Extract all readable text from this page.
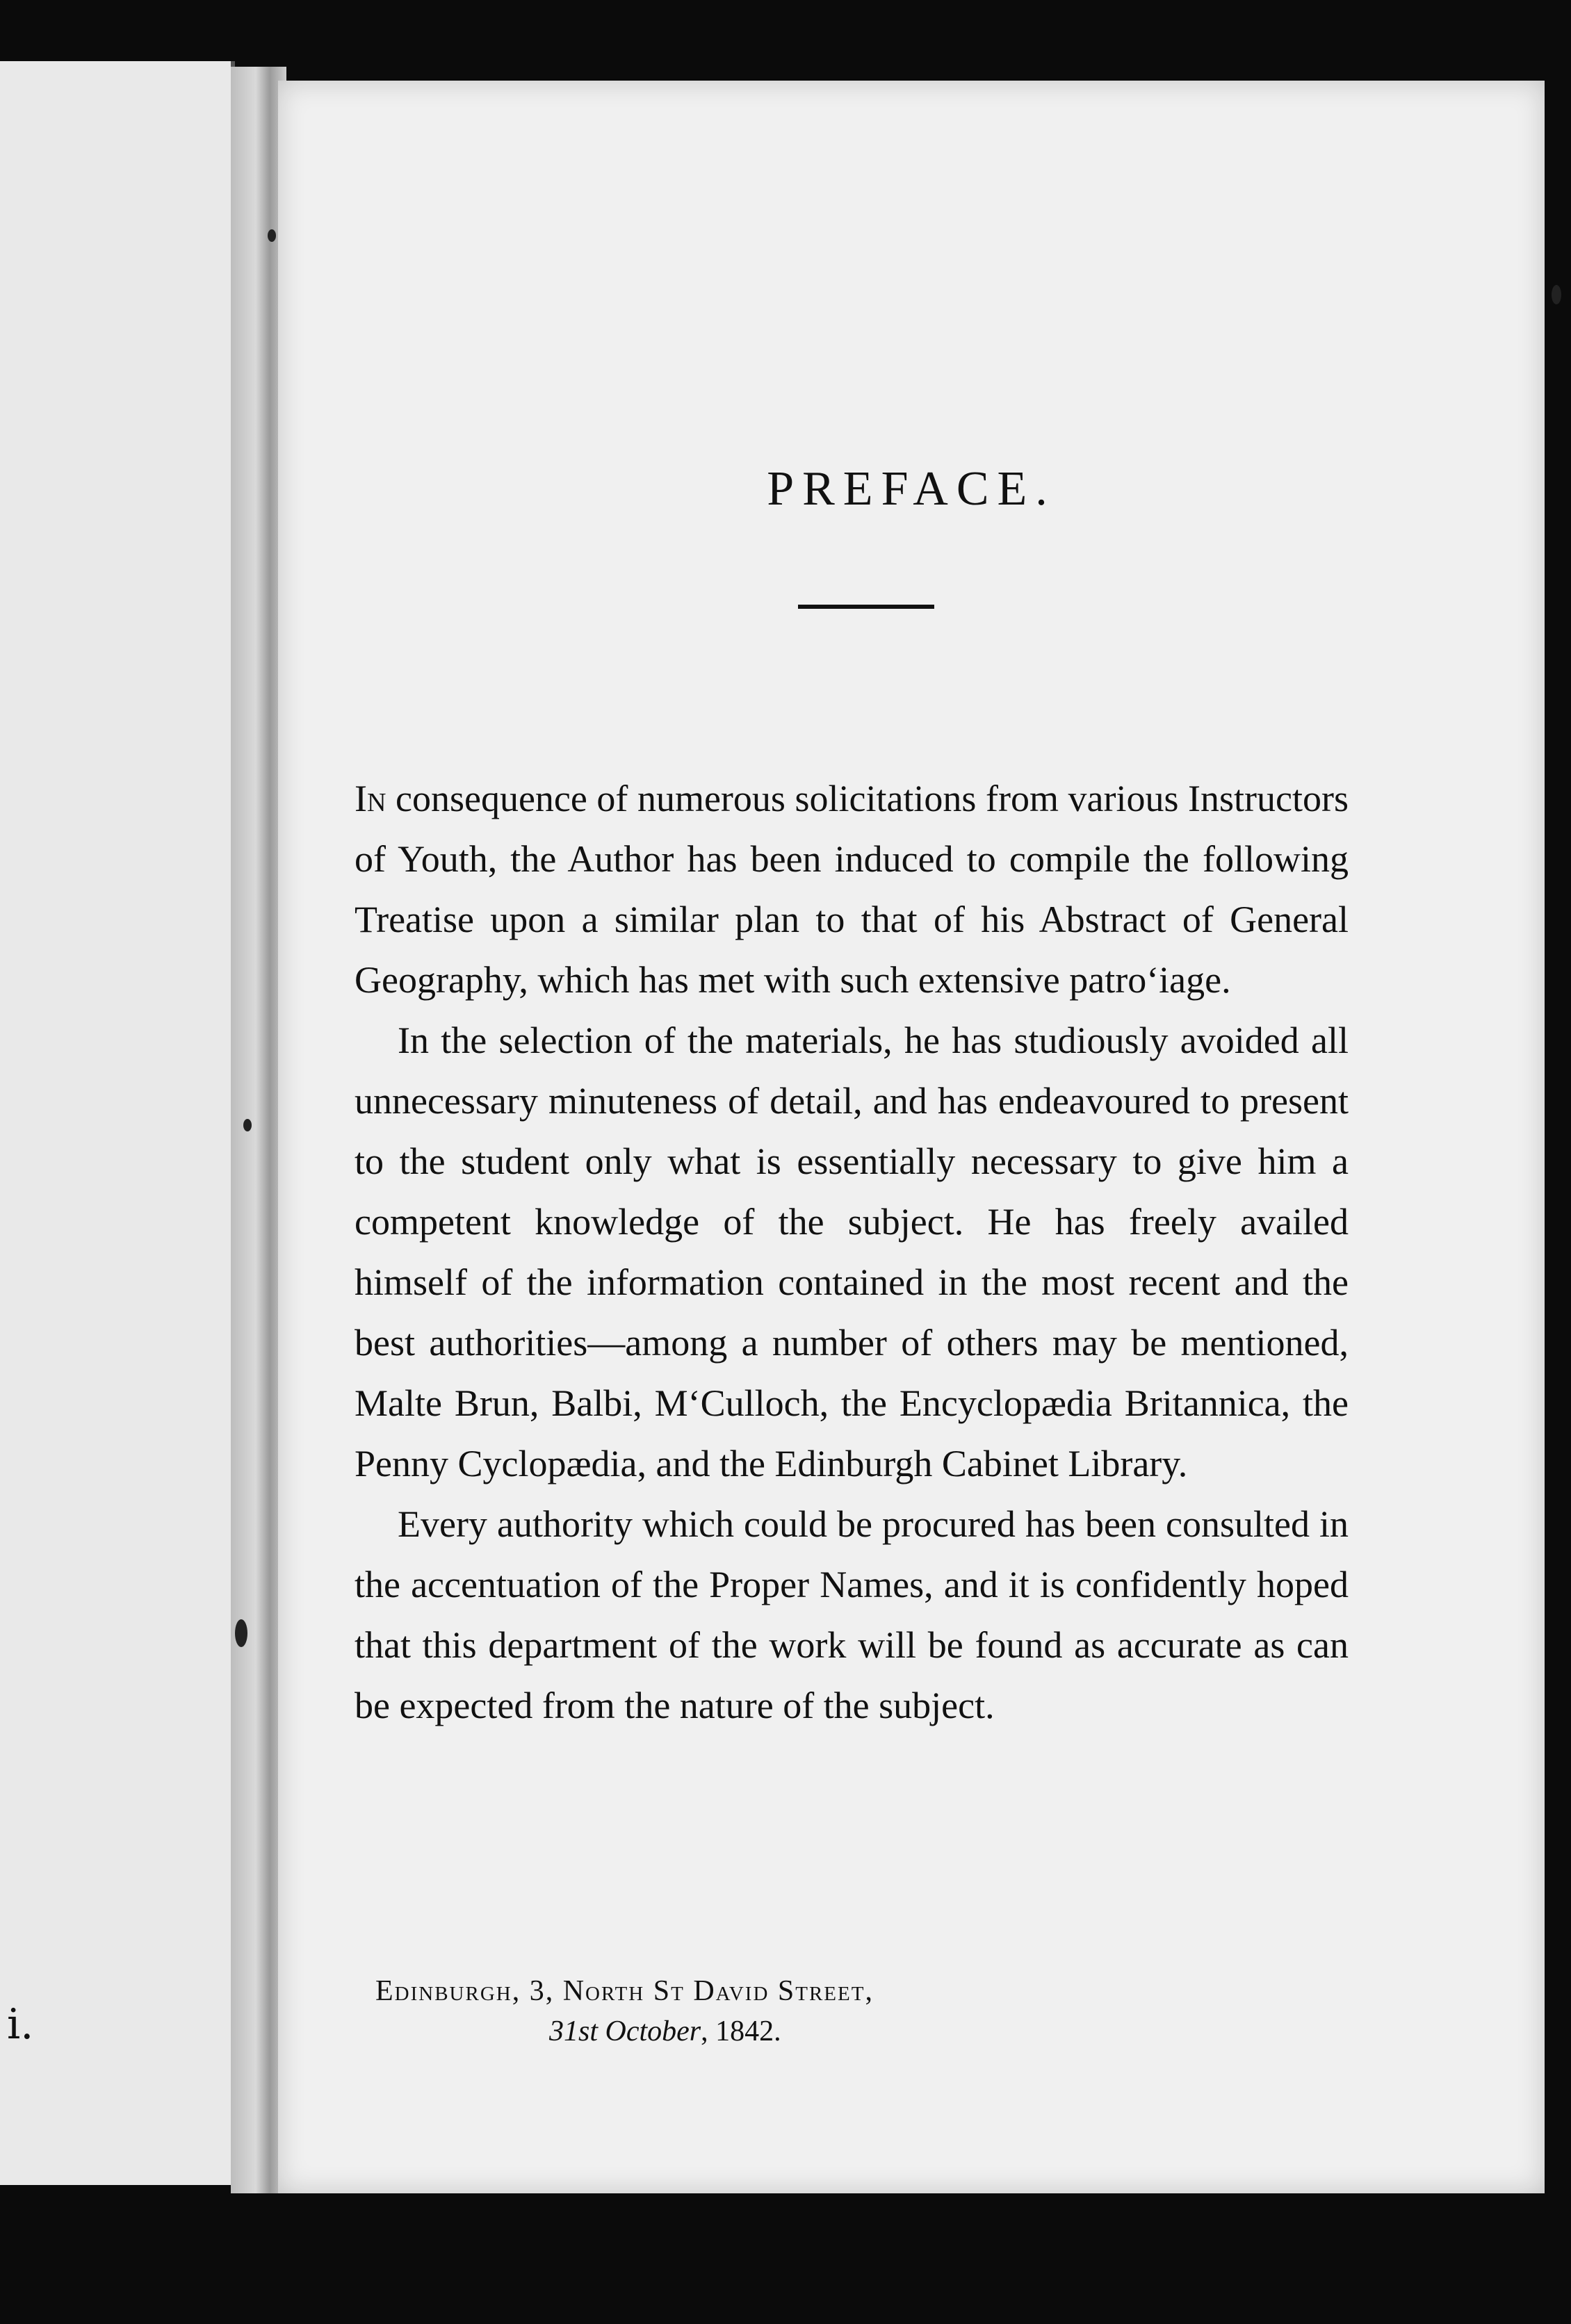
i.
PREFACE.

In consequence of numerous solicitations from various Instructors of Youth, the Author has been induced to compile the following Treatise upon a similar plan to that of his Abstract of General Geography, which has met with such extensive patroʻiage.

In the selection of the materials, he has studiously avoided all unnecessary minuteness of detail, and has endeavoured to present to the student only what is essentially necessary to give him a competent knowledge of the subject. He has freely availed himself of the information contained in the most recent and the best authorities—among a number of others may be mentioned, Malte Brun, Balbi, M‘Culloch, the Encyclopædia Britannica, the Penny Cyclopædia, and the Edinburgh Cabinet Library.

Every authority which could be procured has been consulted in the accentuation of the Proper Names, and it is confidently hoped that this department of the work will be found as accurate as can be expected from the nature of the subject.

Edinburgh, 3, North St David Street,
31st October, 1842.
